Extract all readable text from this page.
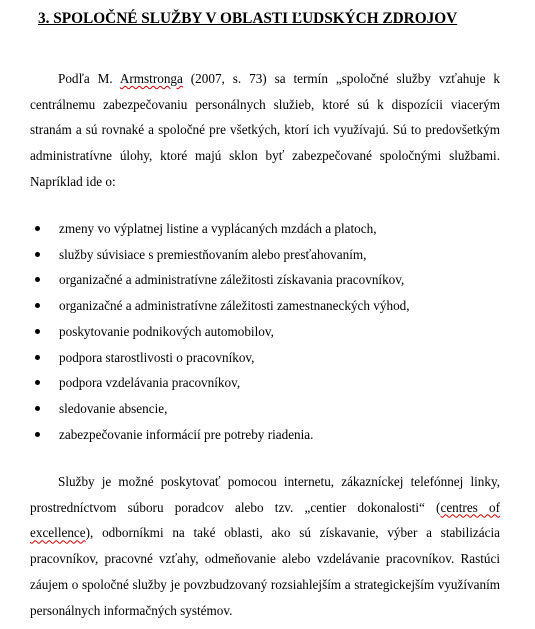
3. SPOLOČNÉ SLUŽBY V OBLASTI ĽUDSKÝCH ZDROJOV

Podľa M. Armstronga (2007, s. 73) sa termín „spoločné služby vzťahuje k centrálnemu zabezpečovaniu personálnych služieb, ktoré sú k dispozícii viacerým stranám a sú rovnaké a spoločné pre všetkých, ktorí ich využívajú. Sú to predovšetkým administratívne úlohy, ktoré majú sklon byť zabezpečované spoločnými službami. Napríklad ide o:

zmeny vo výplatnej listine a vyplácaných mzdách a platoch,
služby súvisiace s premiestňovaním alebo presťahovaním,
organizačné a administratívne záležitosti získavania pracovníkov,
organizačné a administratívne záležitosti zamestnaneckých výhod,
poskytovanie podnikových automobilov,
podpora starostlivosti o pracovníkov,
podpora vzdelávania pracovníkov,
sledovanie absencie,
zabezpečovanie informácií pre potreby riadenia.

Služby je možné poskytovať pomocou internetu, zákazníckej telefónnej linky, prostredníctvom súboru poradcov alebo tzv. „centier dokonalosti“ (centres of excellence), odborníkmi na také oblasti, ako sú získavanie, výber a stabilizácia pracovníkov, pracovné vzťahy, odmeňovanie alebo vzdelávanie pracovníkov. Rastúci záujem o spoločné služby je povzbudzovaný rozsiahlejším a strategickejším využívaním personálnych informačných systémov.
